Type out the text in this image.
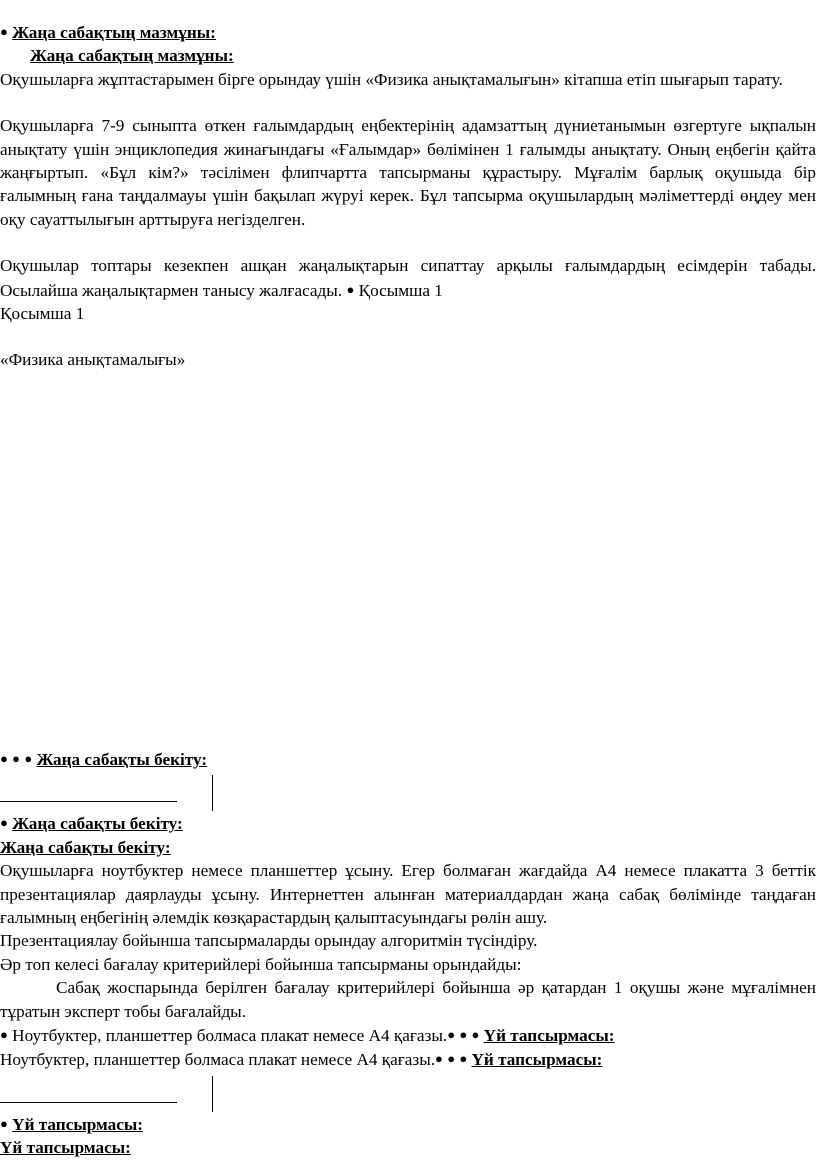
● Жаңа сабақтың мазмұны:

Жаңа сабақтың мазмұны:

Оқушыларға жұптастарымен бірге орындау үшін «Физика анықтамалығын» кітапша етіп шығарып тарату.

Оқушыларға 7-9 сыныпта өткен ғалымдардың еңбектерінің адамзаттың дүниетанымын өзгертуге ықпалын анықтату үшін энциклопедия жинағындағы «Ғалымдар» бөлімінен 1 ғалымды анықтату. Оның еңбегін қайта жаңғыртып. «Бұл кім?» тәсілімен флипчартта тапсырманы құрастыру. Мұғалім барлық оқушыда бір ғалымның ғана таңдалмауы үшін бақылап жүруі керек. Бұл тапсырма оқушылардың мәліметтерді өңдеу мен оқу сауаттылығын арттыруға негізделген.

Оқушылар топтары кезекпен ашқан жаңалықтарын сипаттау арқылы ғалымдардың есімдерін табады. Осылайша жаңалықтармен танысу жалғасады. ● Қосымша 1

Қосымша 1

«Физика анықтамалығы»

● ● ● Жаңа сабақты бекіту:

● Жаңа сабақты бекіту:

Жаңа сабақты бекіту:

Оқушыларға ноутбуктер немесе планшеттер ұсыну. Егер болмаған жағдайда А4 немесе плакатта 3 беттік презентациялар даярлауды ұсыну. Интернеттен алынған материалдардан жаңа сабақ бөлімінде таңдаған ғалымның еңбегінің әлемдік көзқарастардың қалыптасуындағы рөлін ашу.

Презентациялау бойынша тапсырмаларды орындау алгоритмін түсіндіру.

Әр топ келесі бағалау критерийлері бойынша тапсырманы орындайды:

Сабақ жоспарында берілген бағалау критерийлері бойынша әр қатардан 1 оқушы және мұғалімнен тұратын эксперт тобы бағалайды.

● Ноутбуктер, планшеттер болмаса плакат немесе А4 қағазы.● ● ● Үй тапсырмасы:

Ноутбуктер, планшеттер болмаса плакат немесе А4 қағазы.● ● ● Үй тапсырмасы:

● Үй тапсырмасы:

Үй тапсырмасы:
